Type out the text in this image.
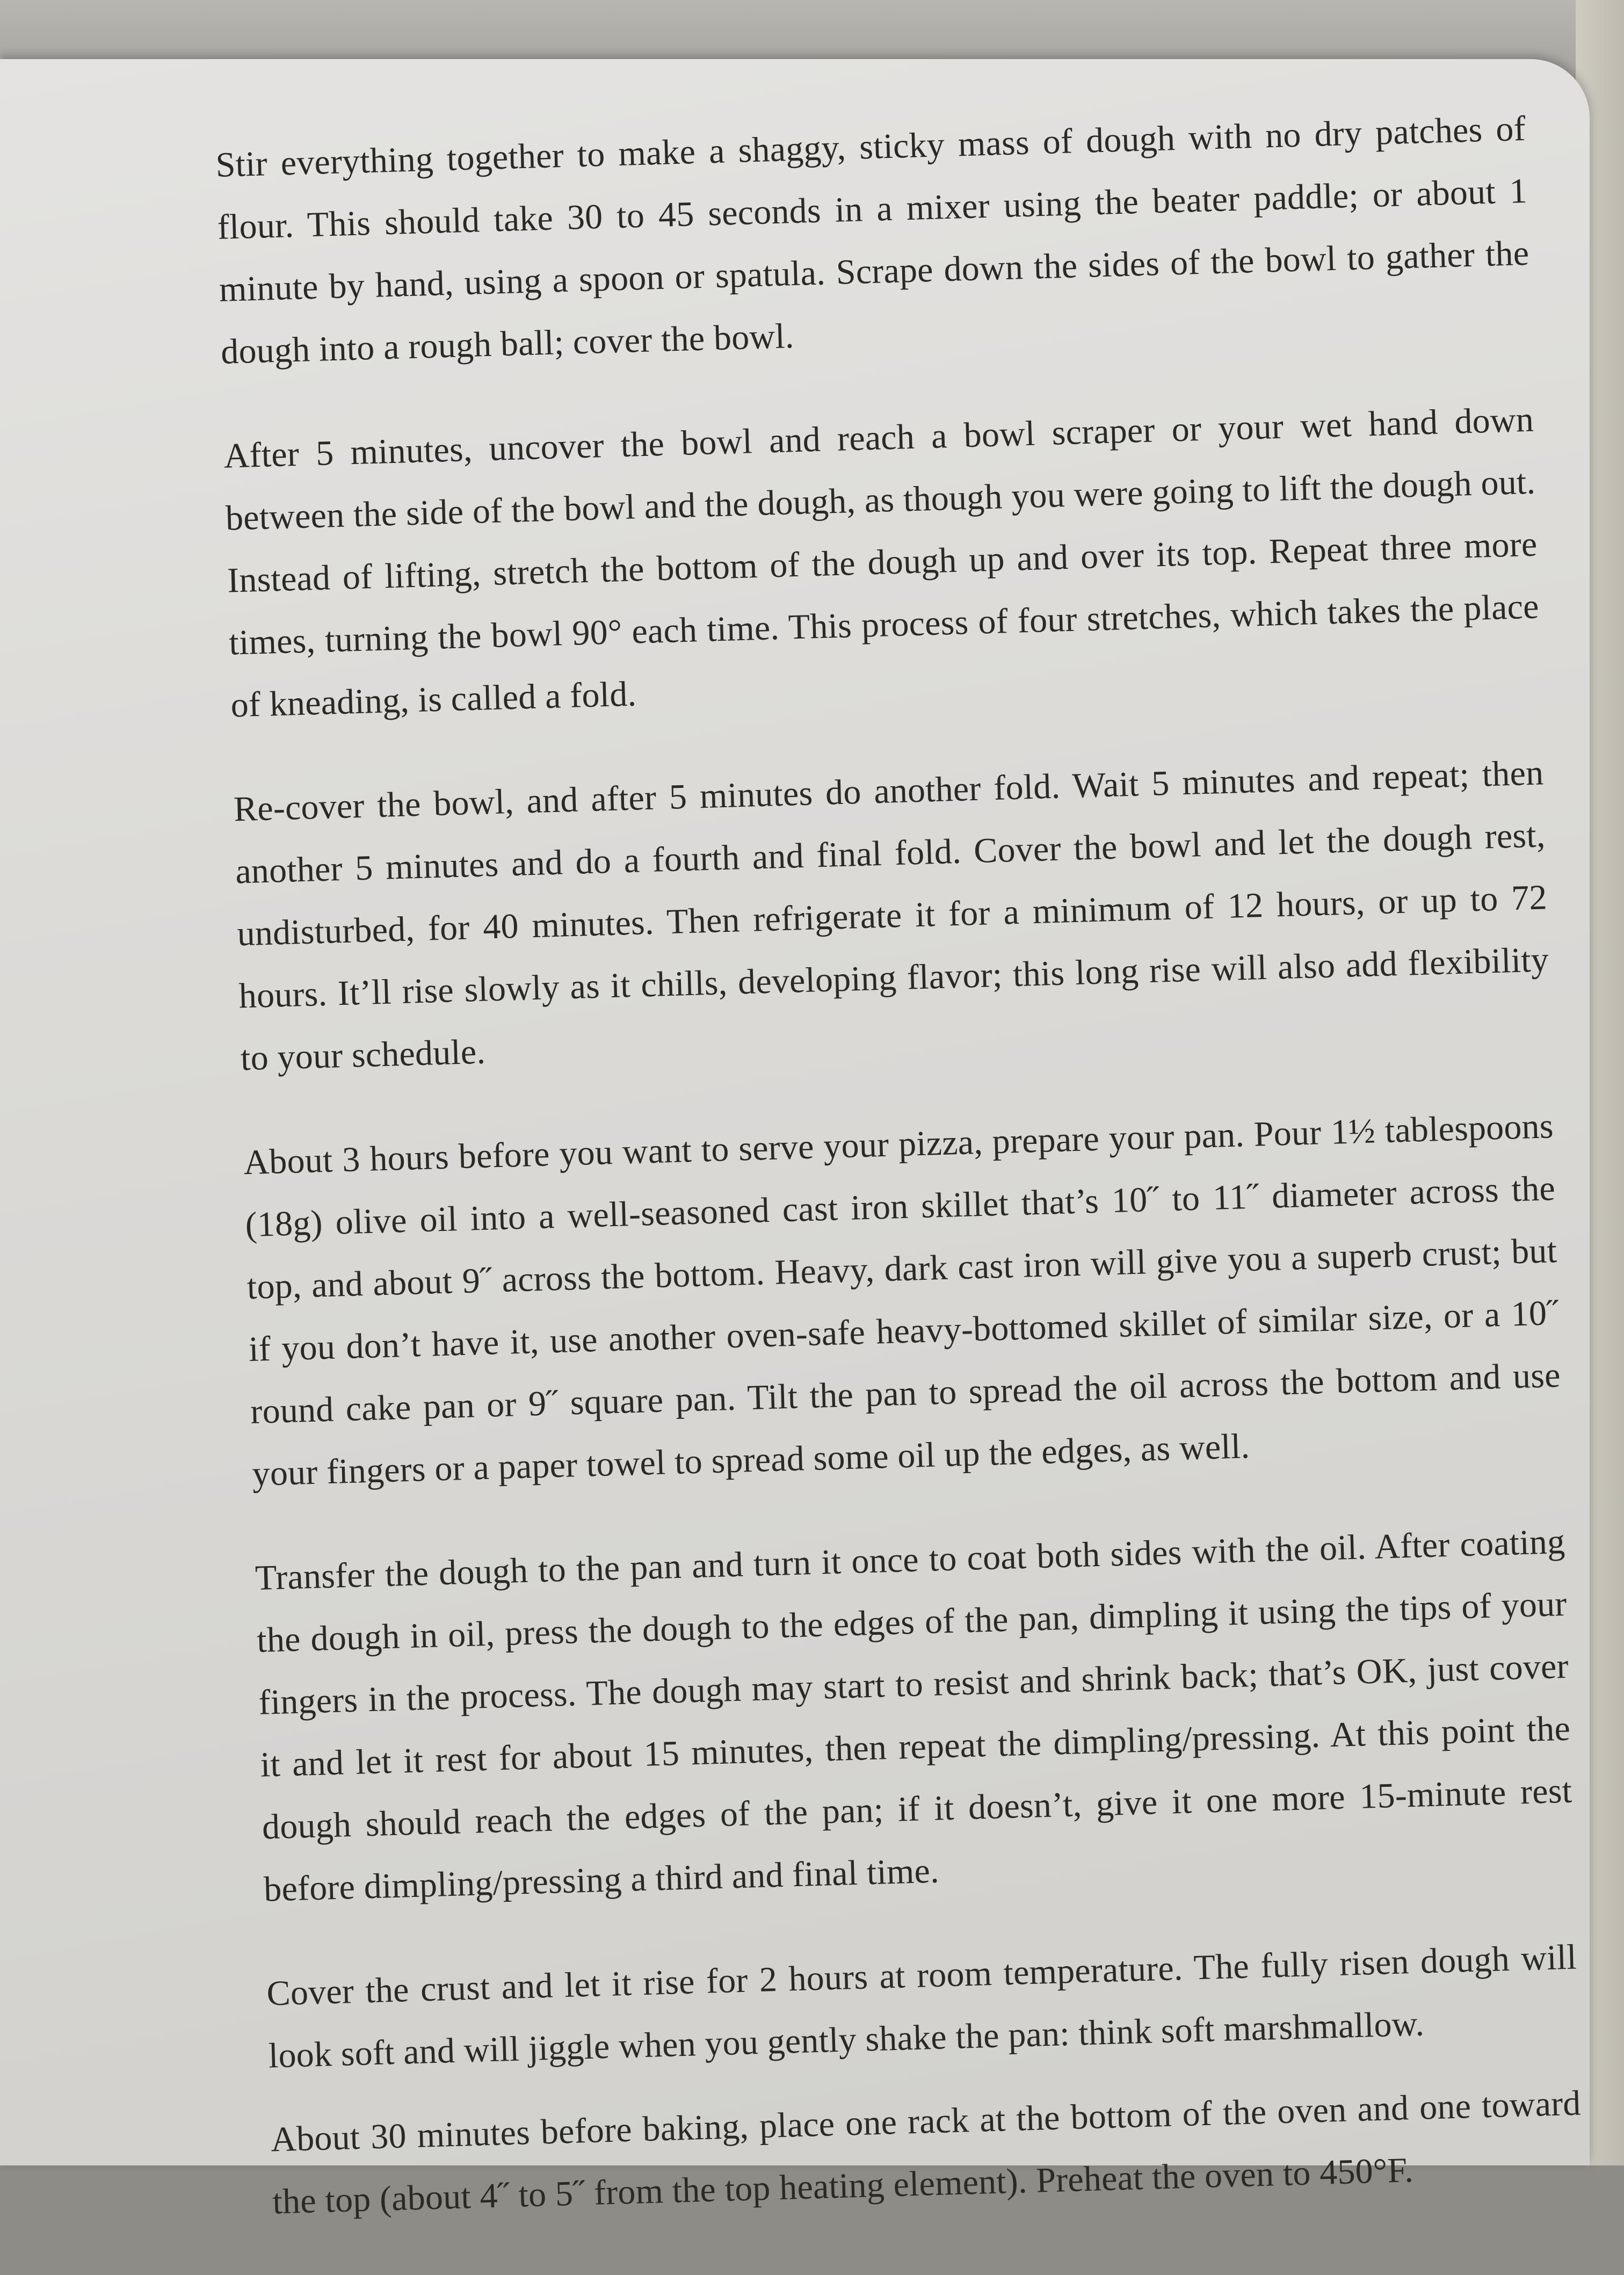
Stir everything together to make a shaggy, sticky mass of dough with no dry patches of flour. This should take 30 to 45 seconds in a mixer using the beater paddle; or about 1 minute by hand, using a spoon or spatula. Scrape down the sides of the bowl to gather the dough into a rough ball; cover the bowl.

After 5 minutes, uncover the bowl and reach a bowl scraper or your wet hand down between the side of the bowl and the dough, as though you were going to lift the dough out. Instead of lifting, stretch the bottom of the dough up and over its top. Repeat three more times, turning the bowl 90° each time. This process of four stretches, which takes the place of kneading, is called a fold.

Re-cover the bowl, and after 5 minutes do another fold. Wait 5 minutes and repeat; then another 5 minutes and do a fourth and final fold. Cover the bowl and let the dough rest, undisturbed, for 40 minutes. Then refrigerate it for a minimum of 12 hours, or up to 72 hours. It’ll rise slowly as it chills, developing flavor; this long rise will also add flexibility to your schedule.

About 3 hours before you want to serve your pizza, prepare your pan. Pour 1½ tablespoons (18g) olive oil into a well-seasoned cast iron skillet that’s 10˝ to 11˝ diameter across the top, and about 9˝ across the bottom. Heavy, dark cast iron will give you a superb crust; but if you don’t have it, use another oven-safe heavy-bottomed skillet of similar size, or a 10˝ round cake pan or 9˝ square pan. Tilt the pan to spread the oil across the bottom and use your fingers or a paper towel to spread some oil up the edges, as well.

Transfer the dough to the pan and turn it once to coat both sides with the oil. After coating the dough in oil, press the dough to the edges of the pan, dimpling it using the tips of your fingers in the process. The dough may start to resist and shrink back; that’s OK, just cover it and let it rest for about 15 minutes, then repeat the dimpling/pressing. At this point the dough should reach the edges of the pan; if it doesn’t, give it one more 15-minute rest before dimpling/pressing a third and final time.

Cover the crust and let it rise for 2 hours at room temperature. The fully risen dough will look soft and will jiggle when you gently shake the pan: think soft marshmallow.

About 30 minutes before baking, place one rack at the bottom of the oven and one toward the top (about 4˝ to 5˝ from the top heating element). Preheat the oven to 450°F.
